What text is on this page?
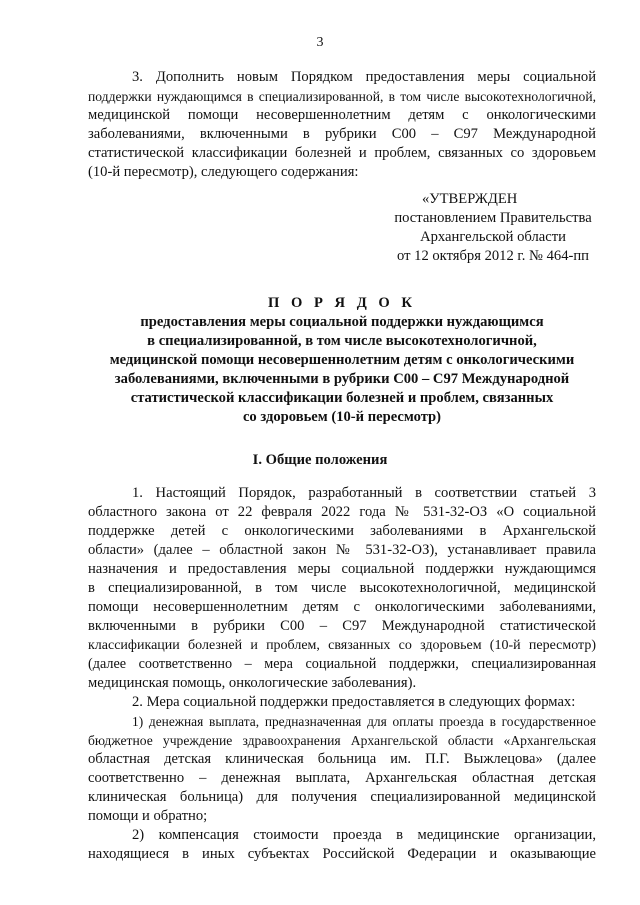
3
3. Дополнить новым Порядком предоставления меры социальной
поддержки нуждающимся в специализированной, в том числе высокотехнологичной,
медицинской помощи несовершеннолетним детям с онкологическими
заболеваниями, включенными в рубрики С00 – С97 Международной
статистической классификации болезней и проблем, связанных со здоровьем
(10-й пересмотр), следующего содержания:
«УТВЕРЖДЕН
постановлением Правительства
Архангельской области
от 12 октября 2012 г. № 464-пп
П О Р Я Д О К
предоставления меры социальной поддержки нуждающимся
в специализированной, в том числе высокотехнологичной,
медицинской помощи несовершеннолетним детям с онкологическими
заболеваниями, включенными в рубрики С00 – С97 Международной
статистической классификации болезней и проблем, связанных
со здоровьем (10-й пересмотр)
I. Общие положения
1. Настоящий Порядок, разработанный в соответствии статьей 3
областного закона от 22 февраля 2022 года № 531-32-ОЗ «О социальной
поддержке детей с онкологическими заболеваниями в Архангельской
области» (далее – областной закон № 531-32-ОЗ), устанавливает правила
назначения и предоставления меры социальной поддержки нуждающимся
в специализированной, в том числе высокотехнологичной, медицинской
помощи несовершеннолетним детям с онкологическими заболеваниями,
включенными в рубрики С00 – С97 Международной статистической
классификации болезней и проблем, связанных со здоровьем (10-й пересмотр)
(далее соответственно – мера социальной поддержки, специализированная
медицинская помощь, онкологические заболевания).
2. Мера социальной поддержки предоставляется в следующих формах:
1) денежная выплата, предназначенная для оплаты проезда в государственное
бюджетное учреждение здравоохранения Архангельской области «Архангельская
областная детская клиническая больница им. П.Г. Выжлецова» (далее
соответственно – денежная выплата, Архангельская областная детская
клиническая больница) для получения специализированной медицинской
помощи и обратно;
2) компенсация стоимости проезда в медицинские организации,
находящиеся в иных субъектах Российской Федерации и оказывающие
